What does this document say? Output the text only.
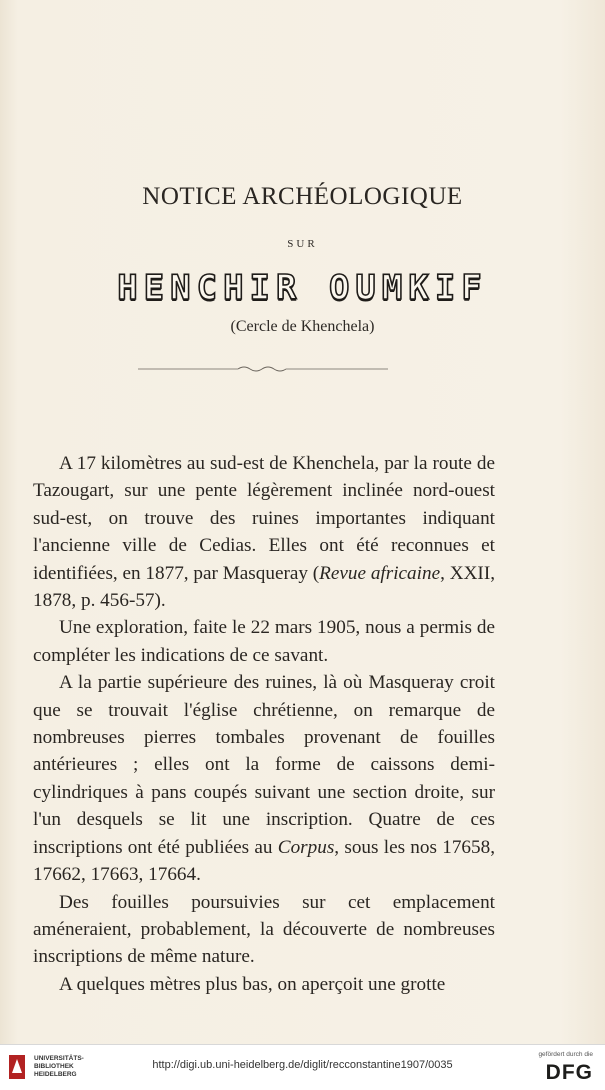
NOTICE ARCHÉOLOGIQUE
SUR
HENCHIR OUMKIF
(Cercle de Khenchela)

A 17 kilomètres au sud-est de Khenchela, par la route de Tazougart, sur une pente légèrement inclinée nord-ouest sud-est, on trouve des ruines importantes indiquant l'ancienne ville de Cedias. Elles ont été reconnues et identifiées, en 1877, par Masqueray (Revue africaine, XXII, 1878, p. 456-57).

Une exploration, faite le 22 mars 1905, nous a permis de compléter les indications de ce savant.

A la partie supérieure des ruines, là où Masqueray croit que se trouvait l'église chrétienne, on remarque de nombreuses pierres tombales provenant de fouilles antérieures ; elles ont la forme de caissons demi-cylindriques à pans coupés suivant une section droite, sur l'un desquels se lit une inscription. Quatre de ces inscriptions ont été publiées au Corpus, sous les nos 17658, 17662, 17663, 17664.

Des fouilles poursuivies sur cet emplacement améneraient, probablement, la découverte de nombreuses inscriptions de même nature.

A quelques mètres plus bas, on aperçoit une grotte

UNIVERSITÄTS-
BIBLIOTHEK
HEIDELBERG
http://digi.ub.uni-heidelberg.de/diglit/recconstantine1907/0035
gefördert durch die
DFG
